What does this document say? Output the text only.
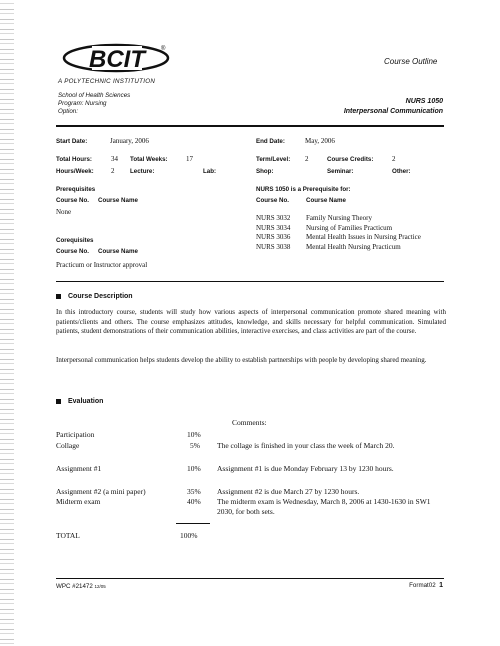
BCIT	®
A POLYTECHNIC INSTITUTION
Course Outline
School of Health Sciences
Program: Nursing
Option:
NURS 1050
Interpersonal Communication
Start Date:	January, 2006	End Date:	May, 2006
Total Hours:	34 Total Weeks:	17	Term/Level: 2	Course Credits:	2
Hours/Week: 2	Lecture:	Lab:	Shop:	Seminar:	Other:
Prerequisites
Course No. Course Name
None
Corequisites
Course No. Course Name
Practicum or Instructor approval
NURS 1050 is a Prerequisite for:
Course No.	Course Name
NURS 3032 Family Nursing Theory
NURS 3034 Nursing of Families Practicum
NURS 3036 Mental Health Issues in Nursing Practice
NURS 3038 Mental Health Nursing Practicum
Course Description

In this introductory course, students will study how various aspects of interpersonal communication promote shared meaning with patients/clients and others. The course emphasizes attitudes, knowledge, and skills necessary for helpful communication. Simulated patients, student demonstrations of their communication abilities, interactive exercises, and class activities are part of the course.

Interpersonal communication helps students develop the ability to establish partnerships with people by developing shared meaning.

Evaluation
Comments:
Participation	10%
Collage	5% The collage is finished in your class the week of March 20.
Assignment #1	10% Assignment #1 is due Monday February 13 by 1230 hours.
Assignment #2 (a mini paper)	35% Assignment #2 is due March 27 by 1230 hours.
Midterm exam	40% The midterm exam is Wednesday, March 8, 2006 at 1430-1630 in SW1 2030, for both sets.
TOTAL	100%
WPC #21472 12/05	Format02 1
